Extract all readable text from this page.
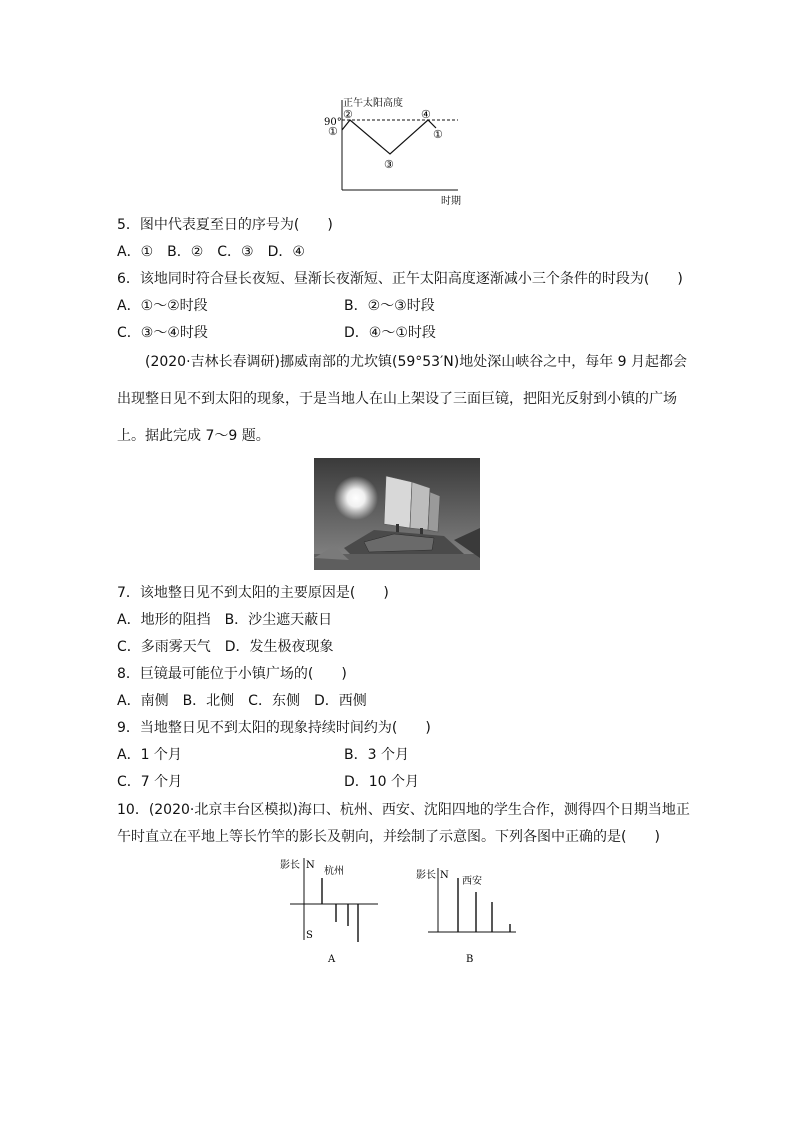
正午太阳高度
90°
①
②
③
④
①
时期
5．图中代表夏至日的序号为(　　)
A．①　B．②　C．③　D．④
6．该地同时符合昼长夜短、昼渐长夜渐短、正午太阳高度逐渐减小三个条件的时段为(　　)
A．①～②时段	B．②～③时段
C．③～④时段	D．④～①时段
(2020·吉林长春调研)挪威南部的尤坎镇(59°53′N)地处深山峡谷之中，每年 9 月起都会
出现整日见不到太阳的现象，于是当地人在山上架设了三面巨镜，把阳光反射到小镇的广场
上。据此完成 7～9 题。
7．该地整日见不到太阳的主要原因是(　　)
A．地形的阻挡　B．沙尘遮天蔽日
C．多雨雾天气　D．发生极夜现象
8．巨镜最可能位于小镇广场的(　　)
A．南侧　B．北侧　C．东侧　D．西侧
9．当地整日见不到太阳的现象持续时间约为(　　)
A．1 个月	B．3 个月
C．7 个月	D．10 个月
10．(2020·北京丰台区模拟)海口、杭州、西安、沈阳四地的学生合作，测得四个日期当地正
午时直立在平地上等长竹竿的影长及朝向，并绘制了示意图。下列各图中正确的是(　　)
影长 N
杭州
S
A
影长 N
西安
B
